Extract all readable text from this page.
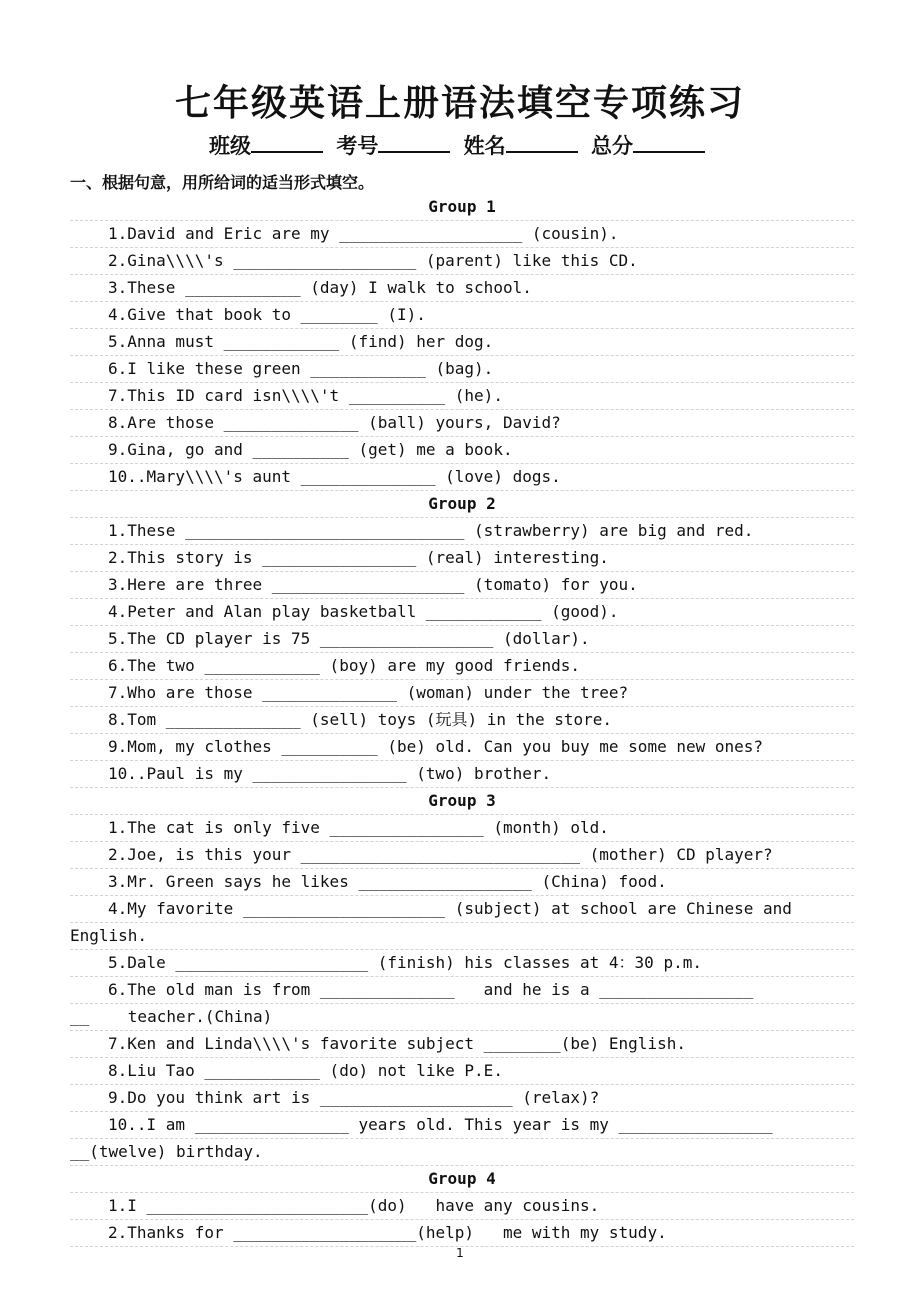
七年级英语上册语法填空专项练习
班级	考号	姓名	总分
一、根据句意，用所给词的适当形式填空。
Group 1
1.David and Eric are my ___________________ (cousin).
2.Gina\\\\'s ___________________ (parent) like this CD.
3.These ____________ (day) I walk to school.
4.Give that book to ________ (I).
5.Anna must ____________ (find) her dog.
6.I like these green ____________ (bag).
7.This ID card isn\\\\'t __________ (he).
8.Are those ______________ (ball) yours, David?
9.Gina, go and __________ (get) me a book.
10..Mary\\\\'s aunt ______________ (love) dogs.
Group 2
1.These _____________________________ (strawberry) are big and red.
2.This story is ________________ (real) interesting.
3.Here are three ____________________ (tomato) for you.
4.Peter and Alan play basketball ____________ (good).
5.The CD player is 75 __________________ (dollar).
6.The two ____________ (boy) are my good friends.
7.Who are those ______________ (woman) under the tree?
8.Tom ______________ (sell) toys (玩具) in the store.
9.Mom, my clothes __________ (be) old. Can you buy me some new ones?
10..Paul is my ________________ (two) brother.
Group 3
1.The cat is only five ________________ (month) old.
2.Joe, is this your _____________________________ (mother) CD player?
3.Mr. Green says he likes __________________ (China) food.
4.My favorite _____________________ (subject) at school are Chinese and
English.
5.Dale ____________________ (finish) his classes at 4：30 p.m.
6.The old man is from ______________   and he is a ________________
__    teacher.(China)
7.Ken and Linda\\\\'s favorite subject ________(be) English.
8.Liu Tao ____________ (do) not like P.E.
9.Do you think art is ____________________ (relax)?
10..I am ________________ years old. This year is my ________________
__(twelve) birthday.
Group 4
1.I _______________________(do)   have any cousins.
2.Thanks for ___________________(help)   me with my study.
1
